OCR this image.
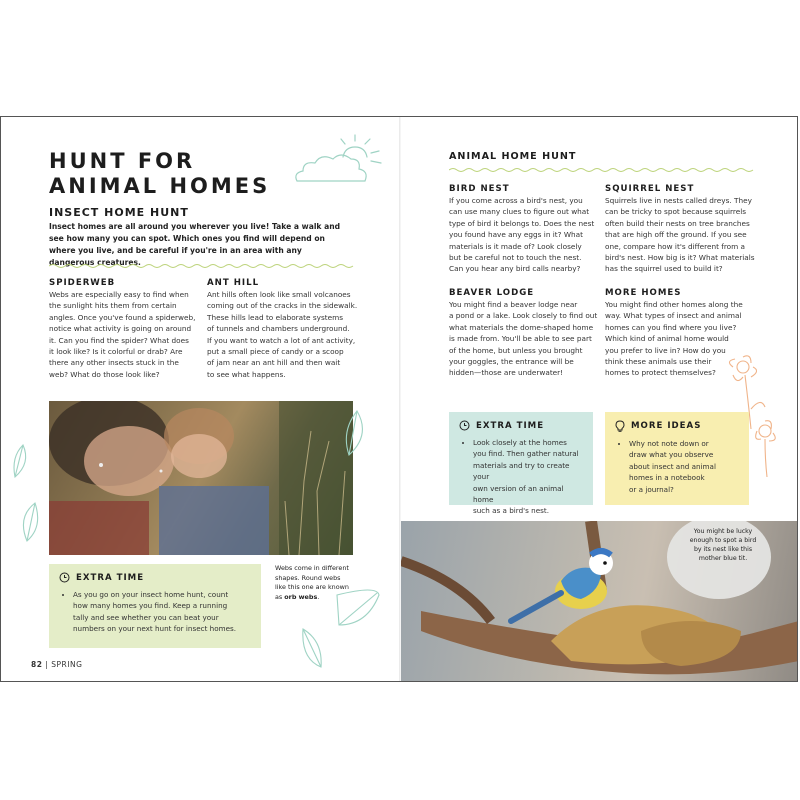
HUNT FOR
ANIMAL HOMES
INSECT HOME HUNT
Insect homes are all around you wherever you live! Take a walk and see how many you can spot. Which ones you find will depend on where you live, and be careful if you're in an area with any dangerous creatures.
SPIDERWEB
Webs are especially easy to find when
the sunlight hits them from certain
angles. Once you've found a spiderweb,
notice what activity is going on around
it. Can you find the spider? What does
it look like? Is it colorful or drab? Are
there any other insects stuck in the
web? What do those look like?
ANT HILL
Ant hills often look like small volcanoes
coming out of the cracks in the sidewalk.
These hills lead to elaborate systems
of tunnels and chambers underground.
If you want to watch a lot of ant activity,
put a small piece of candy or a scoop
of jam near an ant hill and then wait
to see what happens.
EXTRA TIME
• As you go on your insect home hunt, count
how many homes you find. Keep a running
tally and see whether you can beat your
numbers on your next hunt for insect homes.
Webs come in different
shapes. Round webs
like this one are known
as orb webs.
82 | SPRING
ANIMAL HOME HUNT
BIRD NEST
If you come across a bird's nest, you
can use many clues to figure out what
type of bird it belongs to. Does the nest
you found have any eggs in it? What
materials is it made of? Look closely
but be careful not to touch the nest.
Can you hear any bird calls nearby?
SQUIRREL NEST
Squirrels live in nests called dreys. They
can be tricky to spot because squirrels
often build their nests on tree branches
that are high off the ground. If you see
one, compare how it's different from a
bird's nest. How big is it? What materials
has the squirrel used to build it?
BEAVER LODGE
You might find a beaver lodge near
a pond or a lake. Look closely to find out
what materials the dome-shaped home
is made from. You'll be able to see part
of the home, but unless you brought
your goggles, the entrance will be
hidden—those are underwater!
MORE HOMES
You might find other homes along the
way. What types of insect and animal
homes can you find where you live?
Which kind of animal home would
you prefer to live in? How do you
think these animals use their
homes to protect themselves?
EXTRA TIME
• Look closely at the homes
you find. Then gather natural
materials and try to create your
own version of an animal home
such as a bird's nest.
MORE IDEAS
• Why not note down or
draw what you observe
about insect and animal
homes in a notebook
or a journal?
You might be lucky
enough to spot a bird
by its nest like this
mother blue tit.
